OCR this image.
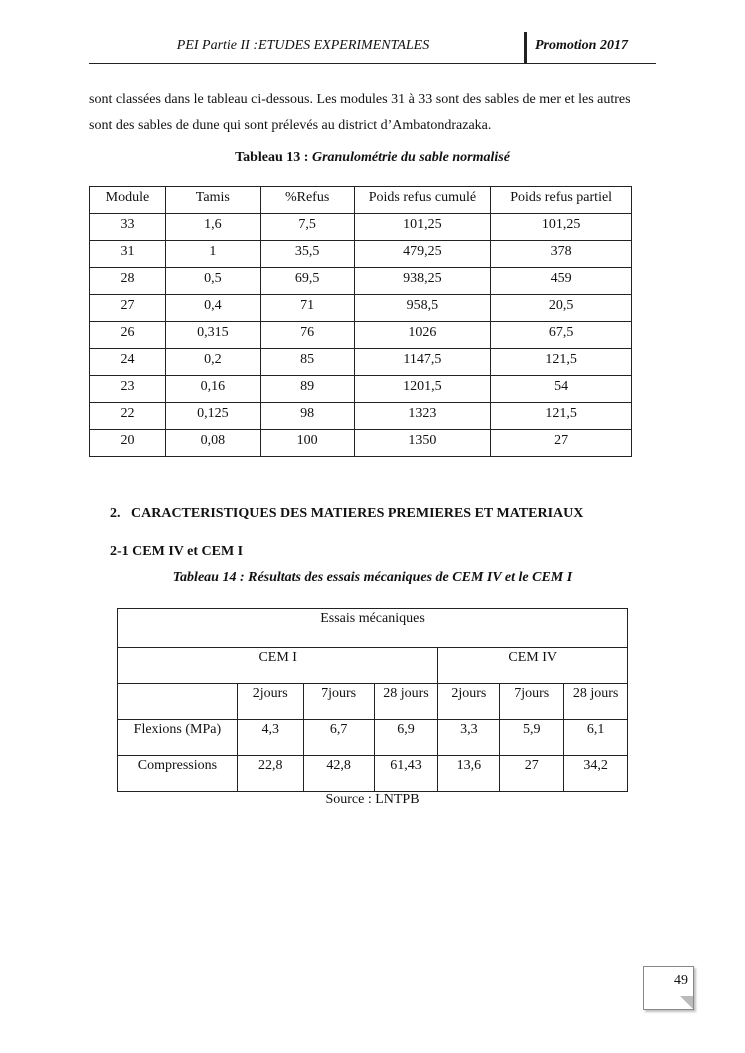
PEI Partie II :ETUDES EXPERIMENTALES	Promotion 2017
sont classées dans le tableau ci-dessous. Les modules 31 à 33 sont des sables de mer et les autres
sont des sables de dune qui sont prélevés au district d’Ambatondrazaka.
Tableau 13 : Granulométrie du sable normalisé
Module	Tamis	%Refus	Poids refus cumulé	Poids refus partiel
33	1,6	7,5	101,25	101,25
31	1	35,5	479,25	378
28	0,5	69,5	938,25	459
27	0,4	71	958,5	20,5
26	0,315	76	1026	67,5
24	0,2	85	1147,5	121,5
23	0,16	89	1201,5	54
22	0,125	98	1323	121,5
20	0,08	100	1350	27
2.   CARACTERISTIQUES DES MATIERES PREMIERES ET MATERIAUX
2-1 CEM IV et CEM I
Tableau 14 : Résultats des essais mécaniques de CEM IV et le CEM I
Essais mécaniques						
CEM I				CEM IV		
	2jours	7jours	28 jours	2jours	7jours	28 jours
Flexions (MPa)	4,3	6,7	6,9	3,3	5,9	6,1
Compressions	22,8	42,8	61,43	13,6	27	34,2
Source : LNTPB
49
